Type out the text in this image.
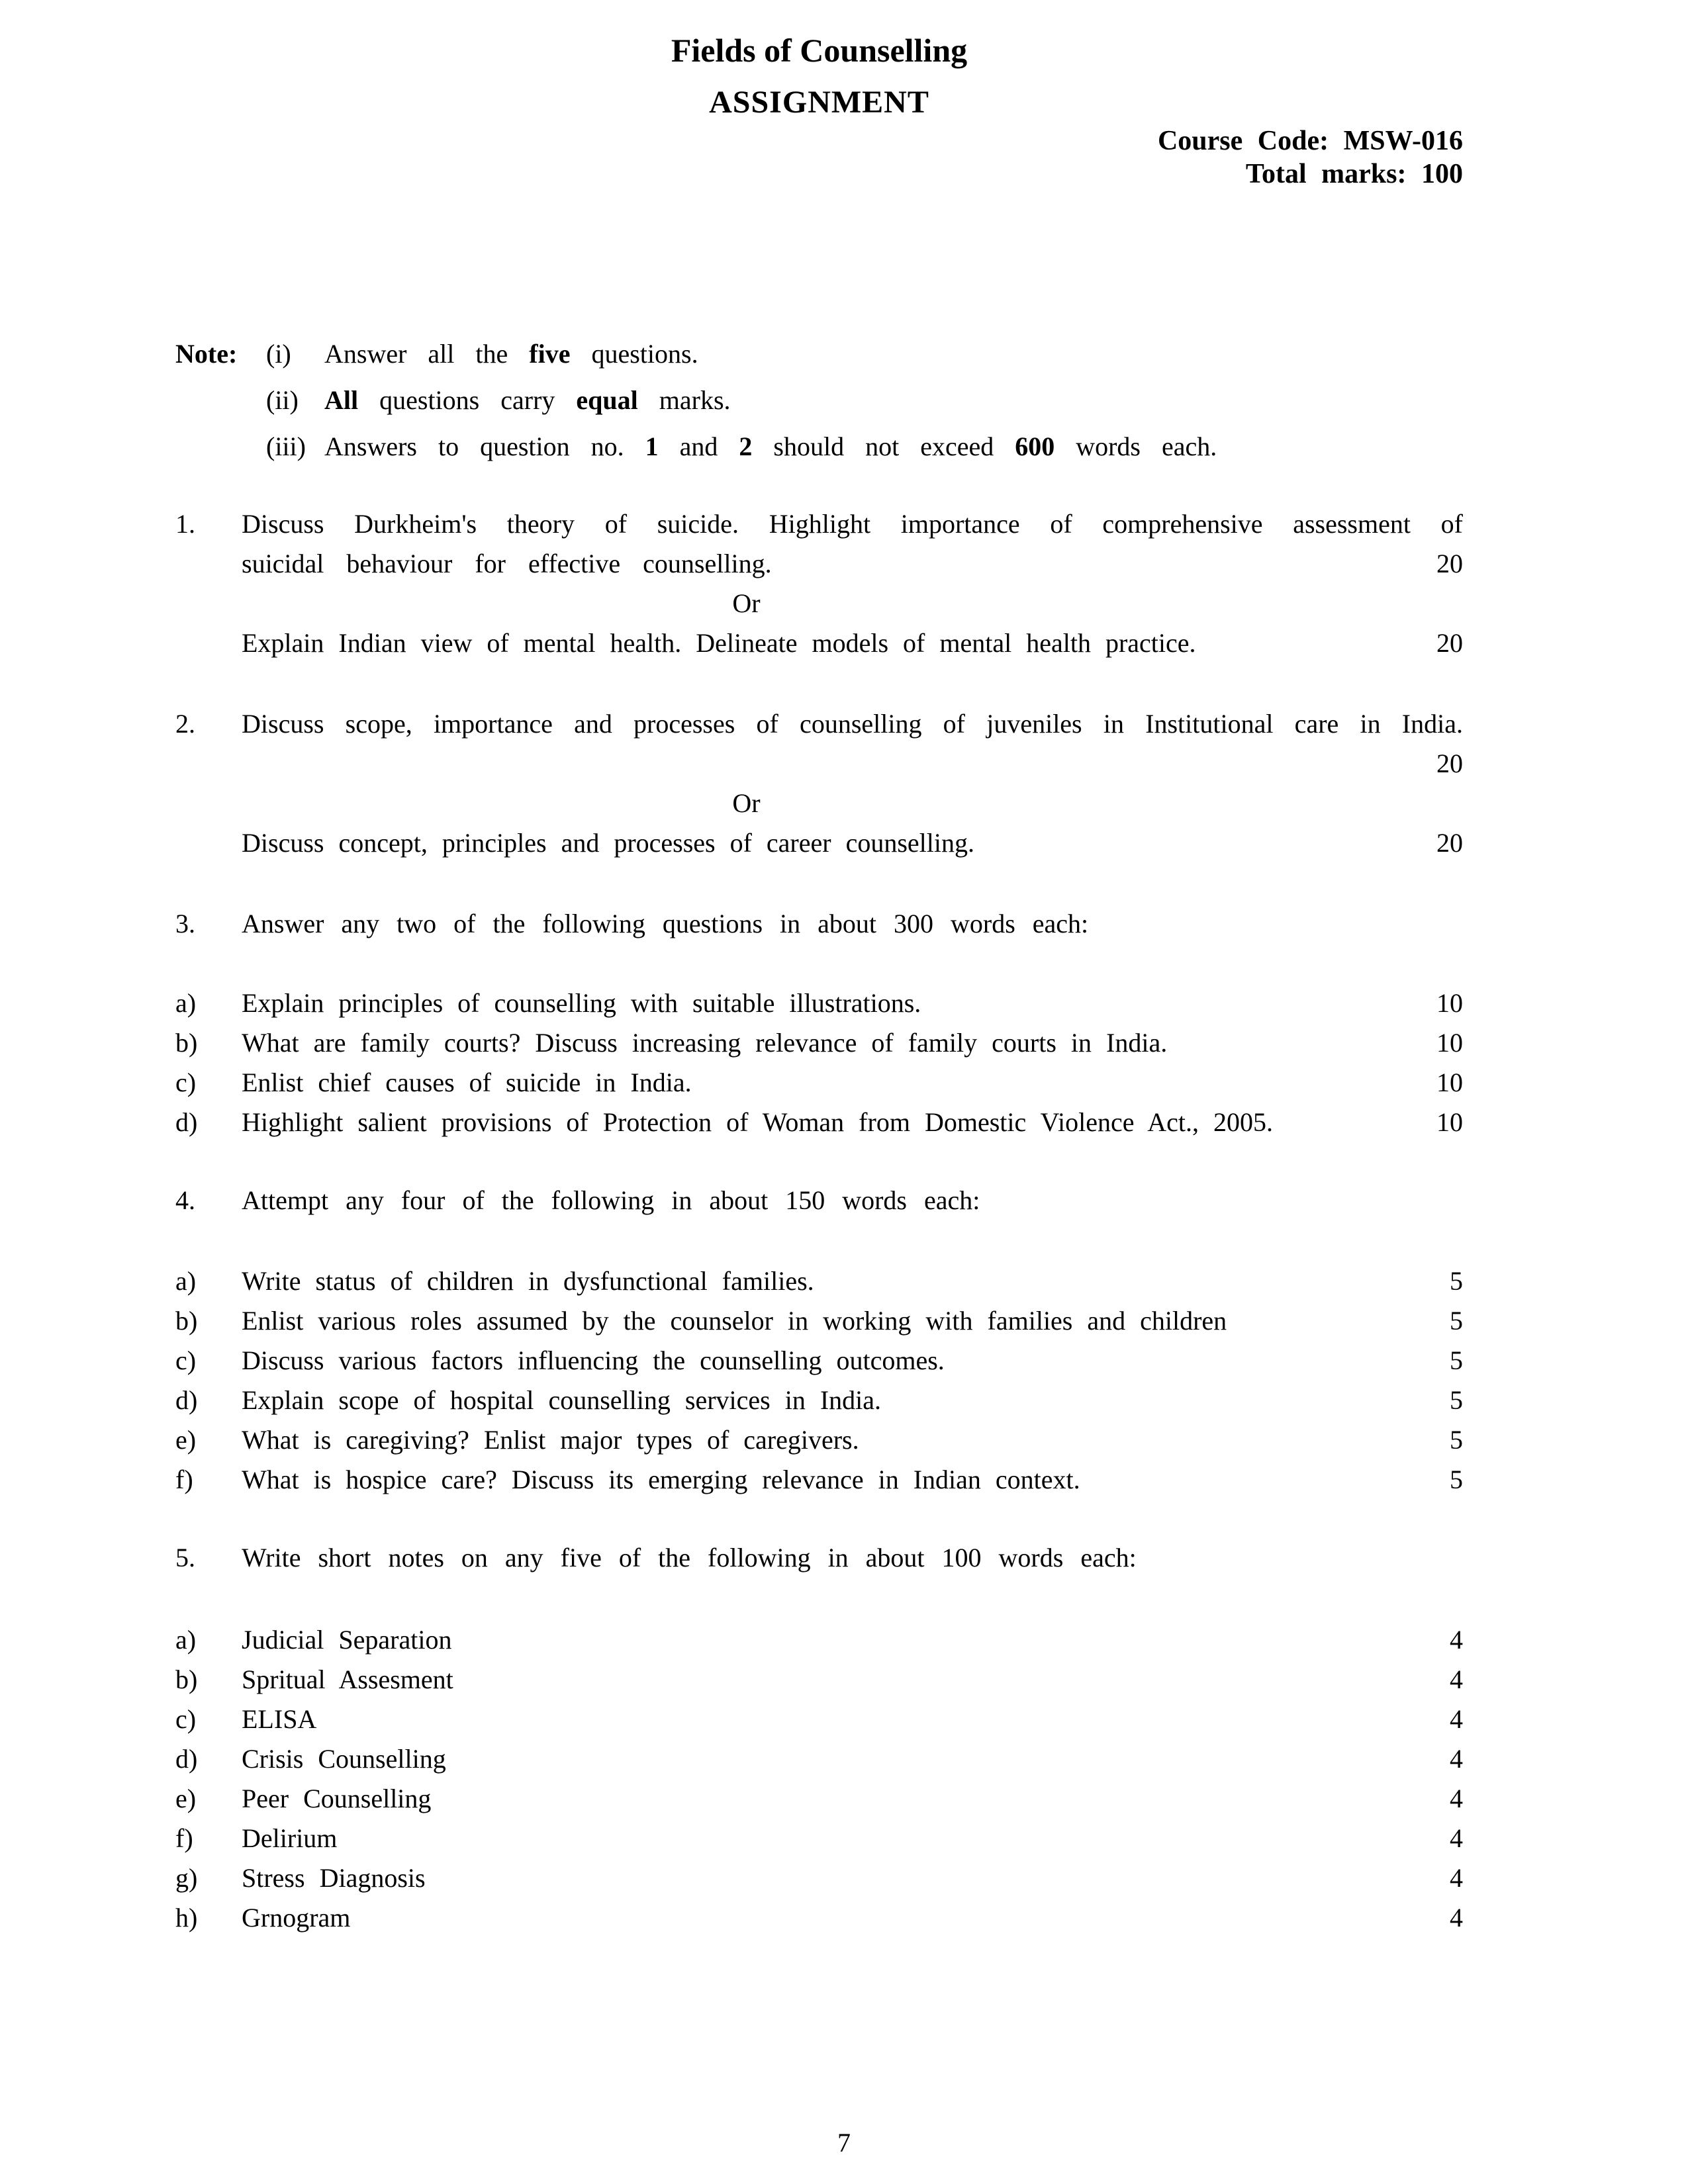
Fields of Counselling
ASSIGNMENT
Course Code: MSW-016
Total marks: 100
Note:	(i)	Answer all the five questions.
(ii) All questions carry equal marks.
(iii) Answers to question no. 1 and 2 should not exceed 600 words each.
1.	Discuss Durkheim's theory of suicide. Highlight importance of comprehensive assessment of suicidal behaviour for effective counselling.	20
Or

Explain Indian view of mental health. Delineate models of mental health practice.	20
2.	Discuss scope, importance and processes of counselling of juveniles in Institutional care in India.

20
Or

Discuss concept, principles and processes of career counselling.	20
3.	Answer any two of the following questions in about 300 words each:

a)	Explain principles of counselling with suitable illustrations.	10
b)	What are family courts? Discuss increasing relevance of family courts in India.	10
c)	Enlist chief causes of suicide in India.	10
d)	Highlight salient provisions of Protection of Woman from Domestic Violence Act., 2005.	10
4.	Attempt any four of the following in about 150 words each:

a)	Write status of children in dysfunctional families.	5
b)	Enlist various roles assumed by the counselor in working with families and children	5
c)	Discuss various factors influencing the counselling outcomes.	5
d)	Explain scope of hospital counselling services in India.	5
e)	What is caregiving? Enlist major types of caregivers.	5
f)	What is hospice care? Discuss its emerging relevance in Indian context.	5
5.	Write short notes on any five of the following in about 100 words each:

a)	Judicial Separation	4
b)	Spritual Assesment	4
c)	ELISA	4
d)	Crisis Counselling	4
e)	Peer Counselling	4
f)	Delirium	4
g)	Stress Diagnosis	4
h)	Grnogram	4
7
